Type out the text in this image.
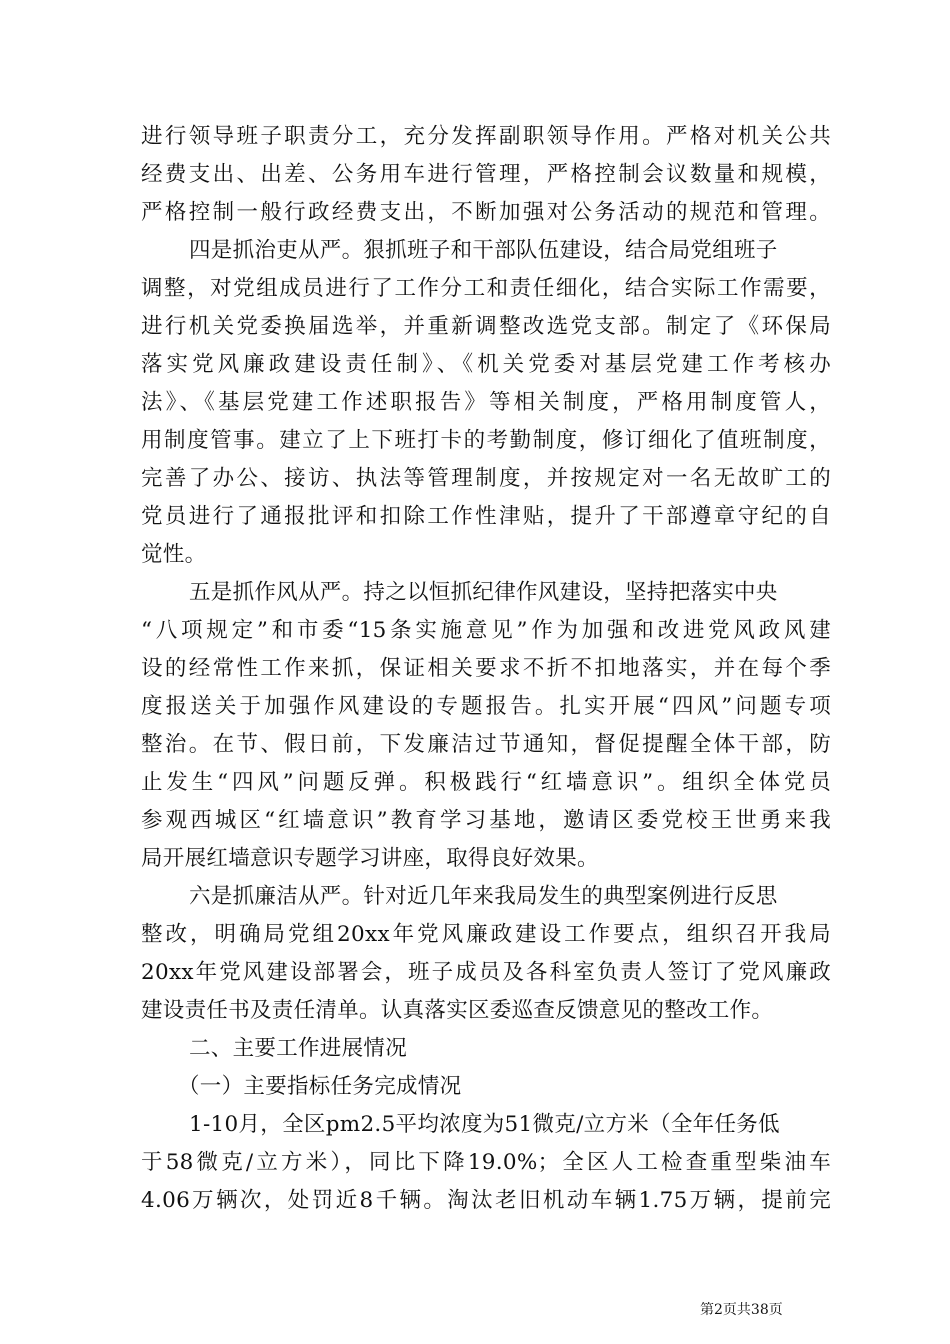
进行领导班子职责分工，充分发挥副职领导作用。严格对机关公共
经费支出、出差、公务用车进行管理，严格控制会议数量和规模，
严格控制一般行政经费支出，不断加强对公务活动的规范和管理。
四是抓治吏从严。狠抓班子和干部队伍建设，结合局党组班子
调整，对党组成员进行了工作分工和责任细化，结合实际工作需要，
进行机关党委换届选举，并重新调整改选党支部。制定了《环保局
落实党风廉政建设责任制》、《机关党委对基层党建工作考核办
法》、《基层党建工作述职报告》等相关制度，严格用制度管人，
用制度管事。建立了上下班打卡的考勤制度，修订细化了值班制度，
完善了办公、接访、执法等管理制度，并按规定对一名无故旷工的
党员进行了通报批评和扣除工作性津贴，提升了干部遵章守纪的自
觉性。
五是抓作风从严。持之以恒抓纪律作风建设，坚持把落实中央
“八项规定”和市委“15条实施意见”作为加强和改进党风政风建
设的经常性工作来抓，保证相关要求不折不扣地落实，并在每个季
度报送关于加强作风建设的专题报告。扎实开展“四风”问题专项
整治。在节、假日前，下发廉洁过节通知，督促提醒全体干部，防
止发生“四风”问题反弹。积极践行“红墙意识”。组织全体党员
参观西城区“红墙意识”教育学习基地，邀请区委党校王世勇来我
局开展红墙意识专题学习讲座，取得良好效果。
六是抓廉洁从严。针对近几年来我局发生的典型案例进行反思
整改，明确局党组20xx年党风廉政建设工作要点，组织召开我局
20xx年党风建设部署会，班子成员及各科室负责人签订了党风廉政
建设责任书及责任清单。认真落实区委巡查反馈意见的整改工作。
二、主要工作进展情况
（一）主要指标任务完成情况
1-10月，全区pm2.5平均浓度为51微克/立方米（全年任务低
于58微克/立方米），同比下降19.0%；全区人工检查重型柴油车
4.06万辆次，处罚近8千辆。淘汰老旧机动车辆1.75万辆，提前完
第2页共38页
